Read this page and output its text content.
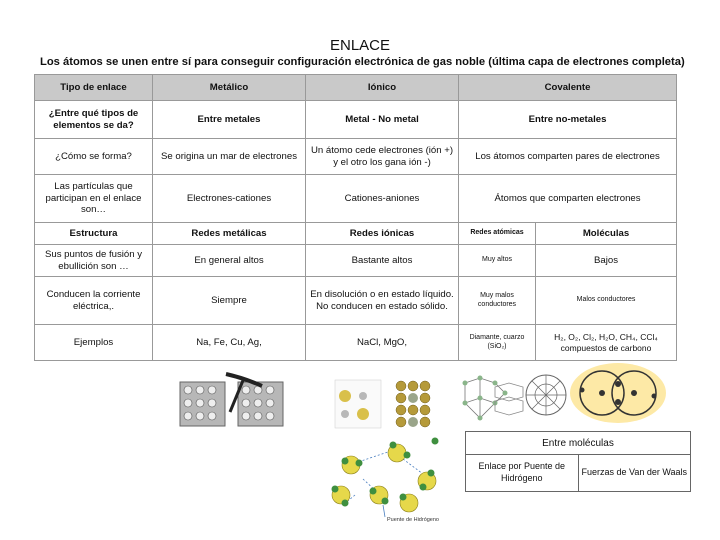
ENLACE
Los átomos se unen entre sí para conseguir configuración electrónica de gas noble (última capa de electrones completa)
Tipo de enlace	Metálico	Iónico	Covalente	
¿Entre qué tipos de elementos se da?	Entre metales	Metal - No metal	Entre no-metales	
¿Cómo se forma?	Se origina un mar de electrones	Un átomo cede electrones (ión +) y el otro los gana ión -)	Los átomos comparten pares de electrones	
Las partículas que participan en el enlace son…	Electrones-cationes	Cationes-aniones	Átomos que comparten electrones	
Estructura	Redes metálicas	Redes iónicas	Redes atómicas	Moléculas
Sus puntos de fusión y ebullición son …	En general altos	Bastante altos	Muy altos	Bajos
Conducen la corriente eléctrica,.	Siempre	En disolución o en estado líquido. No conducen en estado sólido.	Muy malos conductores	Malos conductores
Ejemplos	Na, Fe, Cu, Ag,	NaCl, MgO,	Diamante, cuarzo (SiO₂)	H₂, O₂, Cl₂, H₂O, CH₄, CCl₄ compuestos de carbono
Puente de Hidrógeno
Entre moléculas
Enlace por Puente de Hidrógeno	Fuerzas de Van der Waals
